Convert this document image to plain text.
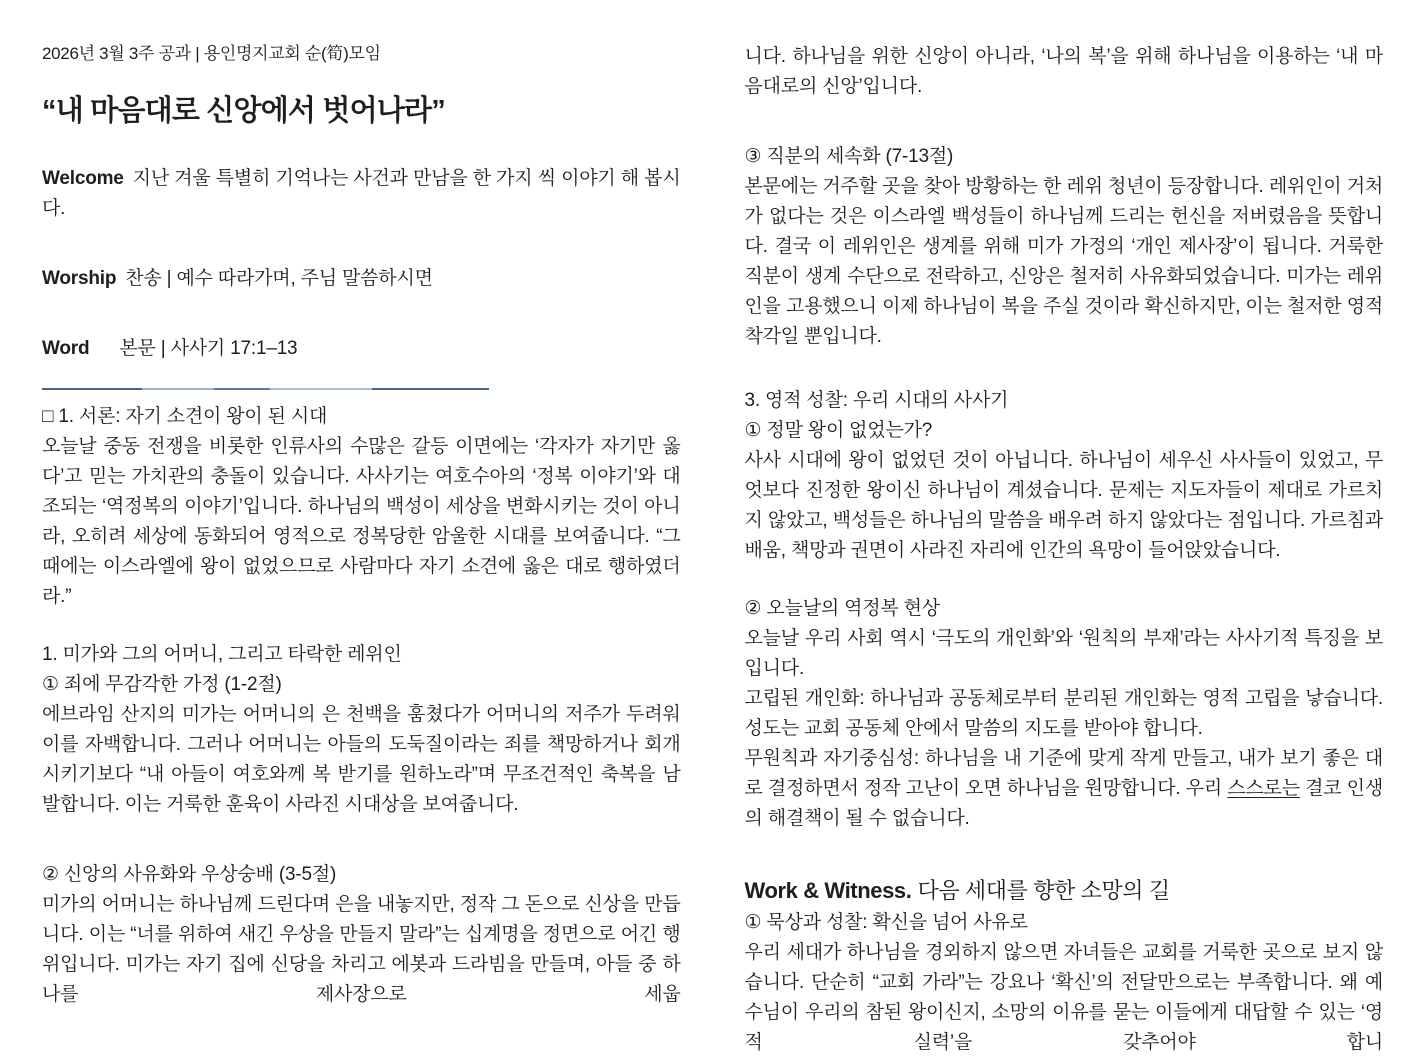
2026년 3월 3주 공과 | 용인명지교회 순(筍)모임

“내 마음대로 신앙에서 벗어나라”

Welcome 지난 겨울 특별히 기억나는 사건과 만남을 한 가지 씩 이야기 해 봅시다.

Worship 찬송 | 예수 따라가며, 주님 말씀하시면

Word 본문 | 사사기 17:1–13

□ 1. 서론: 자기 소견이 왕이 된 시대

오늘날 중동 전쟁을 비롯한 인류사의 수많은 갈등 이면에는 ‘각자가 자기만 옳다’고 믿는 가치관의 충돌이 있습니다. 사사기는 여호수아의 ‘정복 이야기’와 대조되는 ‘역정복의 이야기’입니다. 하나님의 백성이 세상을 변화시키는 것이 아니라, 오히려 세상에 동화되어 영적으로 정복당한 암울한 시대를 보여줍니다. “그때에는 이스라엘에 왕이 없었으므로 사람마다 자기 소견에 옳은 대로 행하였더라.”

1. 미가와 그의 어머니, 그리고 타락한 레위인

① 죄에 무감각한 가정 (1-2절)

에브라임 산지의 미가는 어머니의 은 천백을 훔쳤다가 어머니의 저주가 두려워 이를 자백합니다. 그러나 어머니는 아들의 도둑질이라는 죄를 책망하거나 회개시키기보다 “내 아들이 여호와께 복 받기를 원하노라”며 무조건적인 축복을 남발합니다. 이는 거룩한 훈육이 사라진 시대상을 보여줍니다.

② 신앙의 사유화와 우상숭배 (3-5절)

미가의 어머니는 하나님께 드린다며 은을 내놓지만, 정작 그 돈으로 신상을 만듭니다. 이는 “너를 위하여 새긴 우상을 만들지 말라”는 십계명을 정면으로 어긴 행위입니다. 미가는 자기 집에 신당을 차리고 에봇과 드라빔을 만들며, 아들 중 하나를 제사장으로 세웁

니다. 하나님을 위한 신앙이 아니라, ‘나의 복’을 위해 하나님을 이용하는 ‘내 마음대로의 신앙’입니다.

③ 직분의 세속화 (7-13절)

본문에는 거주할 곳을 찾아 방황하는 한 레위 청년이 등장합니다. 레위인이 거처가 없다는 것은 이스라엘 백성들이 하나님께 드리는 헌신을 저버렸음을 뜻합니다. 결국 이 레위인은 생계를 위해 미가 가정의 ‘개인 제사장’이 됩니다. 거룩한 직분이 생계 수단으로 전락하고, 신앙은 철저히 사유화되었습니다. 미가는 레위인을 고용했으니 이제 하나님이 복을 주실 것이라 확신하지만, 이는 철저한 영적 착각일 뿐입니다.

3. 영적 성찰: 우리 시대의 사사기

① 정말 왕이 없었는가?

사사 시대에 왕이 없었던 것이 아닙니다. 하나님이 세우신 사사들이 있었고, 무엇보다 진정한 왕이신 하나님이 계셨습니다. 문제는 지도자들이 제대로 가르치지 않았고, 백성들은 하나님의 말씀을 배우려 하지 않았다는 점입니다. 가르침과 배움, 책망과 권면이 사라진 자리에 인간의 욕망이 들어앉았습니다.

② 오늘날의 역정복 현상

오늘날 우리 사회 역시 ‘극도의 개인화’와 ‘원칙의 부재’라는 사사기적 특징을 보입니다.

고립된 개인화: 하나님과 공동체로부터 분리된 개인화는 영적 고립을 낳습니다. 성도는 교회 공동체 안에서 말씀의 지도를 받아야 합니다.

무원칙과 자기중심성: 하나님을 내 기준에 맞게 작게 만들고, 내가 보기 좋은 대로 결정하면서 정작 고난이 오면 하나님을 원망합니다. 우리 스스로는 결코 인생의 해결책이 될 수 없습니다.

Work & Witness. 다음 세대를 향한 소망의 길

① 묵상과 성찰: 확신을 넘어 사유로

우리 세대가 하나님을 경외하지 않으면 자녀들은 교회를 거룩한 곳으로 보지 않습니다. 단순히 “교회 가라”는 강요나 ‘확신’의 전달만으로는 부족합니다. 왜 예수님이 우리의 참된 왕이신지, 소망의 이유를 묻는 이들에게 대답할 수 있는 ‘영적 실력’을 갖추어야 합니
